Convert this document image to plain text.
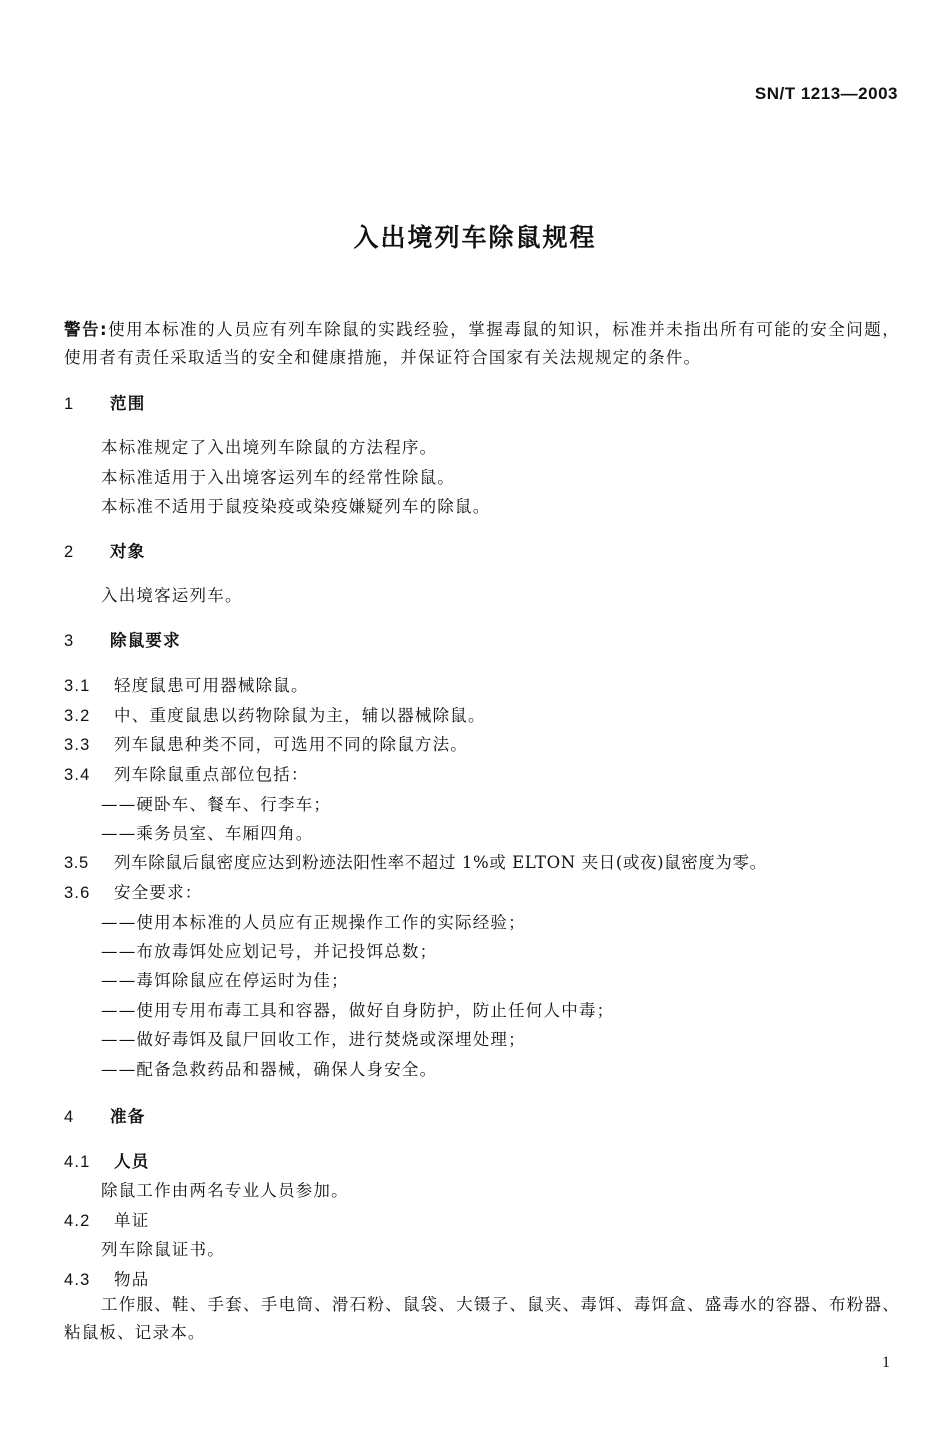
SN/T 1213—2003
入出境列车除鼠规程
警告:使用本标准的人员应有列车除鼠的实践经验，掌握毒鼠的知识，标准并未指出所有可能的安全问题，使用者有责任采取适当的安全和健康措施，并保证符合国家有关法规规定的条件。
1 范围
本标准规定了入出境列车除鼠的方法程序。
本标准适用于入出境客运列车的经常性除鼠。
本标准不适用于鼠疫染疫或染疫嫌疑列车的除鼠。
2 对象
入出境客运列车。
3 除鼠要求
3.1 轻度鼠患可用器械除鼠。
3.2 中、重度鼠患以药物除鼠为主，辅以器械除鼠。
3.3 列车鼠患种类不同，可选用不同的除鼠方法。
3.4 列车除鼠重点部位包括：
——硬卧车、餐车、行李车；
——乘务员室、车厢四角。
3.5 列车除鼠后鼠密度应达到粉迹法阳性率不超过 1%或 ELTON 夹日(或夜)鼠密度为零。
3.6 安全要求：
——使用本标准的人员应有正规操作工作的实际经验；
——布放毒饵处应划记号，并记投饵总数；
——毒饵除鼠应在停运时为佳；
——使用专用布毒工具和容器，做好自身防护，防止任何人中毒；
——做好毒饵及鼠尸回收工作，进行焚烧或深埋处理；
——配备急救药品和器械，确保人身安全。
4 准备
4.1 人员
除鼠工作由两名专业人员参加。
4.2 单证
列车除鼠证书。
4.3 物品
工作服、鞋、手套、手电筒、滑石粉、鼠袋、大镊子、鼠夹、毒饵、毒饵盒、盛毒水的容器、布粉器、粘鼠板、记录本。
1
